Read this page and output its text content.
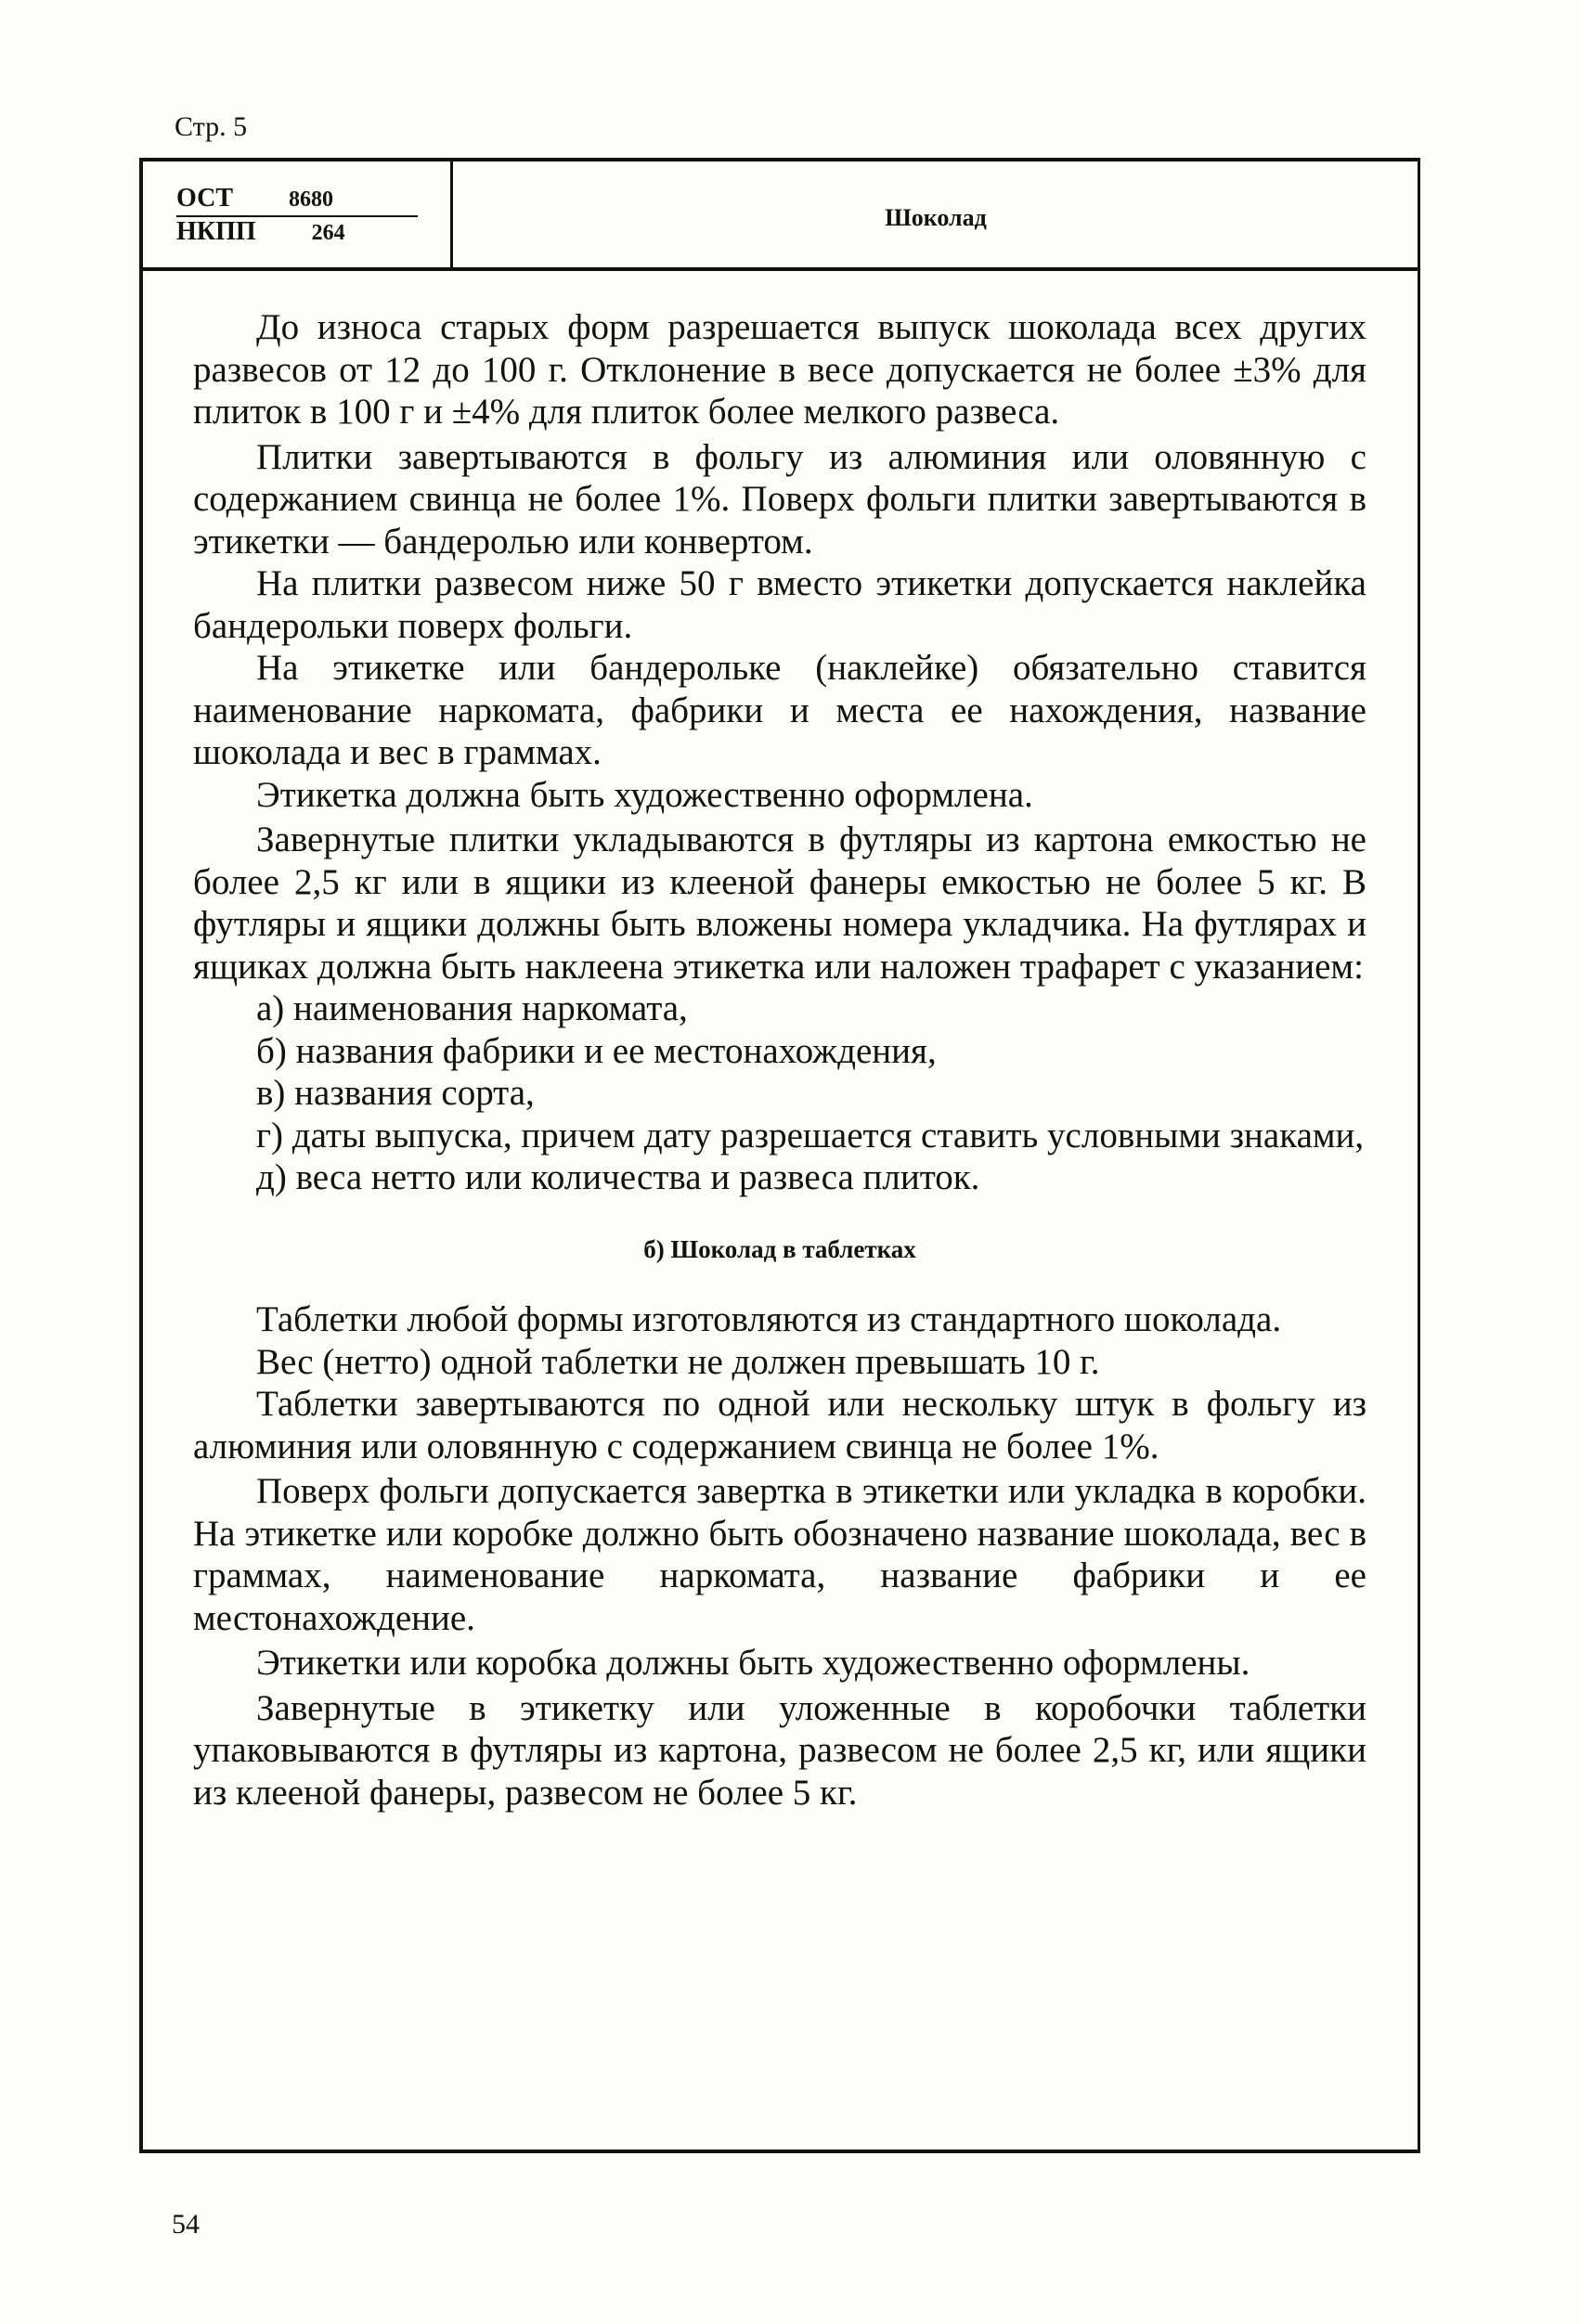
Стр. 5
ОСТ	8680
НКПП	264
Шоколад

До износа старых форм разрешается выпуск шоколада всех других развесов от 12 до 100 г. Отклонение в весе допускается не более ±3% для плиток в 100 г и ±4% для плиток более мелкого развеса.

Плитки завертываются в фольгу из алюминия или оловянную с содержанием свинца не более 1%. Поверх фольги плитки завертываются в этикетки — бандеролью или конвертом.

На плитки развесом ниже 50 г вместо этикетки допускается наклейка бандерольки поверх фольги.

На этикетке или бандерольке (наклейке) обязательно ставится наименование наркомата, фабрики и места ее нахождения, название шоколада и вес в граммах.

Этикетка должна быть художественно оформлена.

Завернутые плитки укладываются в футляры из картона емкостью не более 2,5 кг или в ящики из клееной фанеры емкостью не более 5 кг. В футляры и ящики должны быть вложены номера укладчика. На футлярах и ящиках должна быть наклеена этикетка или наложен трафарет с указанием:

а) наименования наркомата,

б) названия фабрики и ее местонахождения,

в) названия сорта,

г) даты выпуска, причем дату разрешается ставить условными знаками,

д) веса нетто или количества и развеса плиток.

б) Шоколад в таблетках

Таблетки любой формы изготовляются из стандартного шоколада.

Вес (нетто) одной таблетки не должен превышать 10 г.

Таблетки завертываются по одной или нескольку штук в фольгу из алюминия или оловянную с содержанием свинца не более 1%.

Поверх фольги допускается завертка в этикетки или укладка в коробки. На этикетке или коробке должно быть обозначено название шоколада, вес в граммах, наименование наркомата, название фабрики и ее местонахождение.

Этикетки или коробка должны быть художественно оформлены.

Завернутые в этикетку или уложенные в коробочки таблетки упаковываются в футляры из картона, развесом не более 2,5 кг, или ящики из клееной фанеры, развесом не более 5 кг.

54
